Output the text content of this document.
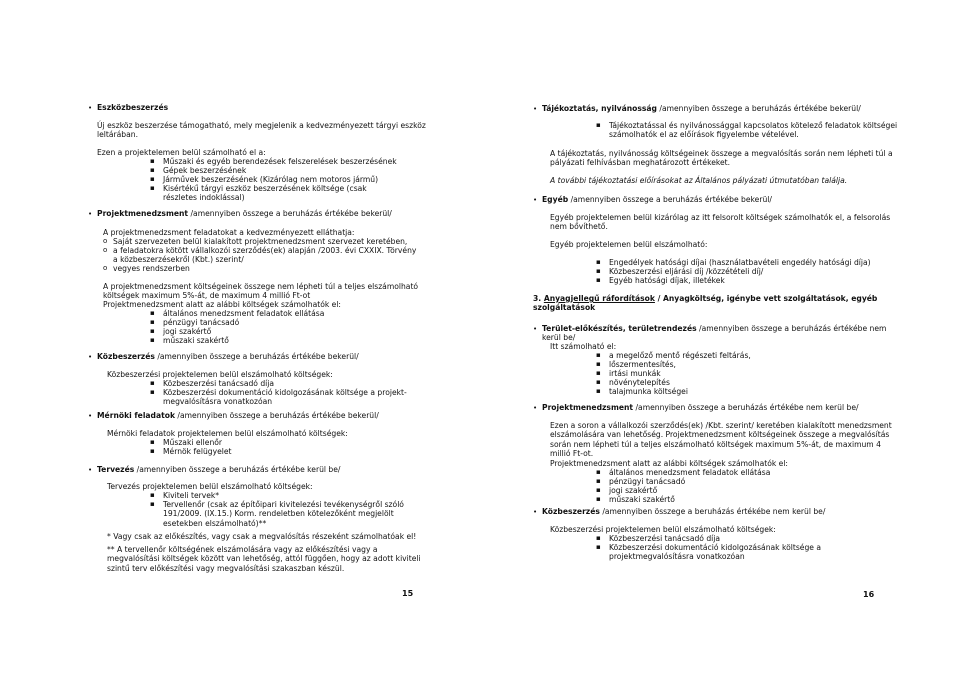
• Eszközbeszerzés
Új eszköz beszerzése támogatható, mely megjelenik a kedvezményezett tárgyi eszköz leltárában.
Ezen a projektelemen belül számolható el a:
▪ Műszaki és egyéb berendezések felszerelések beszerzésének
▪ Gépek beszerzésének
▪ Járművek beszerzésének (Kizárólag nem motoros jármű)
▪ Kisértékű tárgyi eszköz beszerzésének költsége (csak részletes indoklással)
• Projektmenedzsment /amennyiben összege a beruházás értékébe bekerül/
A projektmenedzsment feladatokat a kedvezményezett elláthatja:
o Saját szervezeten belül kialakított projektmenedzsment szervezet keretében,
o a feladatokra kötött vállalkozói szerződés(ek) alapján /2003. évi CXXIX. Törvény a közbeszerzésekről (Kbt.) szerint/
o vegyes rendszerben
A projektmenedzsment költségeinek összege nem lépheti túl a teljes elszámolható költségek maximum 5%-át, de maximum 4 millió Ft-ot
Projektmenedzsment alatt az alábbi költségek számolhatók el:
▪ általános menedzsment feladatok ellátása
▪ pénzügyi tanácsadó
▪ jogi szakértő
▪ műszaki szakértő
• Közbeszerzés /amennyiben összege a beruházás értékébe bekerül/
Közbeszerzési projektelemen belül elszámolható költségek:
▪ Közbeszerzési tanácsadó díja
▪ Közbeszerzési dokumentáció kidolgozásának költsége a projekt-megvalósításra vonatkozóan
• Mérnöki feladatok /amennyiben összege a beruházás értékébe bekerül/
Mérnöki feladatok projektelemen belül elszámolható költségek:
▪ Műszaki ellenőr
▪ Mérnök felügyelet
• Tervezés /amennyiben összege a beruházás értékébe kerül be/
Tervezés projektelemen belül elszámolható költségek:
▪ Kiviteli tervek*
▪ Tervellenőr (csak az építőipari kivitelezési tevékenységről szóló 191/2009. (IX.15.) Korm. rendeletben kötelezőként megjelölt esetekben elszámolható)**
* Vagy csak az előkészítés, vagy csak a megvalósítás részeként számolhatóak el!
** A tervellenőr költségének elszámolására vagy az előkészítési vagy a megvalósítási költségek között van lehetőség, attól függően, hogy az adott kiviteli szintű terv előkészítési vagy megvalósítási szakaszban készül.
15
• Tájékoztatás, nyilvánosság /amennyiben összege a beruházás értékébe bekerül/
▪ Tájékoztatással és nyilvánossággal kapcsolatos kötelező feladatok költségei számolhatók el az előírások figyelembe vételével.
A tájékoztatás, nyilvánosság költségeinek összege a megvalósítás során nem lépheti túl a pályázati felhívásban meghatározott értékeket.
A további tájékoztatási előírásokat az Általános pályázati útmutatóban találja.
• Egyéb /amennyiben összege a beruházás értékébe bekerül/
Egyéb projektelemen belül kizárólag az itt felsorolt költségek számolhatók el, a felsorolás nem bővíthető.
Egyéb projektelemen belül elszámolható:
▪ Engedélyek hatósági díjai (használatbavételi engedély hatósági díja)
▪ Közbeszerzési eljárási díj /közzétételi díj/
▪ Egyéb hatósági díjak, illetékek
3. Anyagjellegű ráfordítások / Anyagköltség, igénybe vett szolgáltatások, egyéb szolgáltatások
• Terület-előkészítés, területrendezés /amennyiben összege a beruházás értékébe nem kerül be/
Itt számolható el:
▪ a megelőző mentő régészeti feltárás,
▪ lőszermentesítés,
▪ irtási munkák
▪ növénytelepítés
▪ talajmunka költségei
• Projektmenedzsment /amennyiben összege a beruházás értékébe nem kerül be/
Ezen a soron a vállalkozói szerződés(ek) /Kbt. szerint/ keretében kialakított menedzsment elszámolására van lehetőség. Projektmenedzsment költségeinek összege a megvalósítás során nem lépheti túl a teljes elszámolható költségek maximum 5%-át, de maximum 4 millió Ft-ot.
Projektmenedzsment alatt az alábbi költségek számolhatók el:
▪ általános menedzsment feladatok ellátása
▪ pénzügyi tanácsadó
▪ jogi szakértő
▪ műszaki szakértő
• Közbeszerzés /amennyiben összege a beruházás értékébe nem kerül be/
Közbeszerzési projektelemen belül elszámolható költségek:
▪ Közbeszerzési tanácsadó díja
▪ Közbeszerzési dokumentáció kidolgozásának költsége a projektmegvalósításra vonatkozóan
16
